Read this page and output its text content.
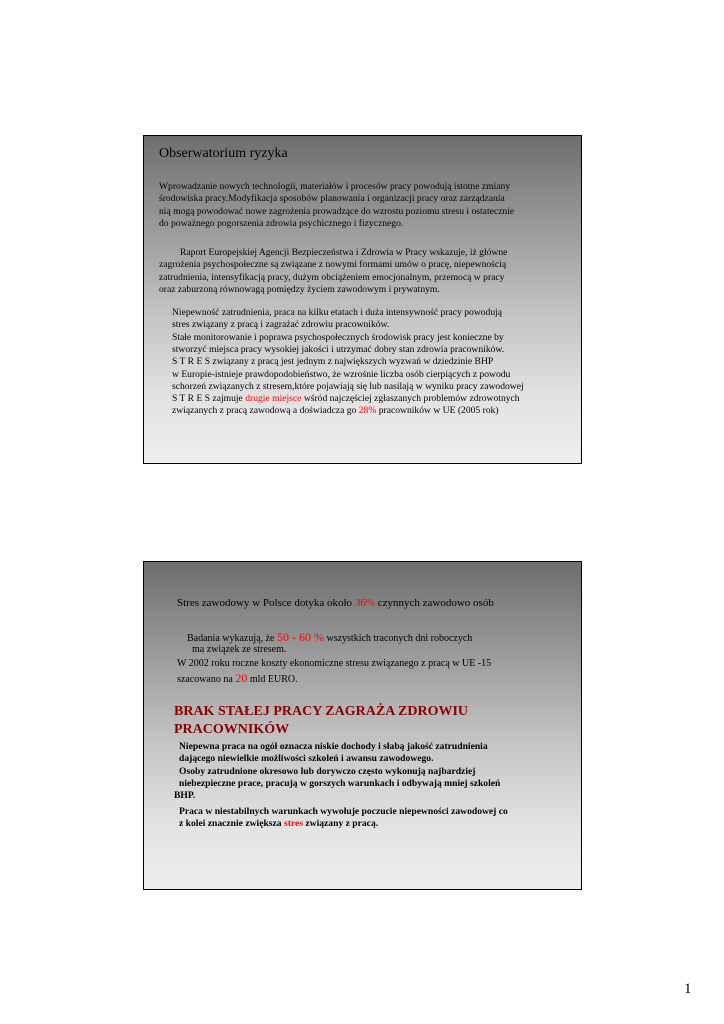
Obserwatorium ryzyka

Wprowadzanie nowych technologii, materiałów i procesów pracy powodują istotne zmiany

środowiska pracy.Modyfikacja sposobów planowania i organizacji pracy oraz zarządzania

nią mogą powodować nowe zagrożenia prowadzące do wzrostu poziomu stresu i ostatecznie

do poważnego pogorszenia zdrowia psychicznego i fizycznego.

Raport Europejskiej Agencji Bezpieczeństwa i Zdrowia w Pracy wskazuje, iż główne

zagrożenia psychospołeczne są związane z nowymi formami umów o pracę, niepewnością

zatrudnienia, intensyfikacją pracy, dużym obciążeniem emocjonalnym, przemocą w pracy

oraz zaburzoną równowagą pomiędzy życiem zawodowym i prywatnym.

Niepewność zatrudnienia, praca na kilku etatach i duża intensywność pracy powodują

stres związany z pracą i zagrażać zdrowiu pracowników.

Stałe monitorowanie i poprawa psychospołecznych środowisk pracy jest konieczne by

stworzyć miejsca pracy wysokiej jakości i utrzymać dobry stan zdrowia pracowników.

S T R E S związany z pracą jest jednym z największych wyzwań w dziedzinie BHP

w Europie-istnieje prawdopodobieństwo, że wzrośnie liczba osób cierpiących z powodu

schorzeń związanych z stresem,które pojawiają się lub nasilają w wyniku pracy zawodowej

S T R E S zajmuje drugie miejsce wśród najczęściej zgłaszanych problemów zdrowotnych

związanych z pracą zawodową a doświadcza go 28% pracowników w UE (2005 rok)

Stres zawodowy w Polsce dotyka około 36% czynnych zawodowo osób

Badania wykazują, że 50 - 60 % wszystkich traconych dni roboczych

ma związek ze stresem.

W 2002 roku roczne koszty ekonomiczne stresu związanego z pracą w UE -15

szacowano na 20 mld EURO.

BRAK STAŁEJ PRACY ZAGRAŻA ZDROWIU

PRACOWNIKÓW

Niepewna praca na ogół oznacza niskie dochody i słabą jakość zatrudnienia

dającego niewielkie możliwości szkoleń i awansu zawodowego.

Osoby zatrudnione okresowo lub dorywczo często wykonują najbardziej

niebezpieczne prace, pracują w gorszych warunkach i odbywają mniej szkoleń

BHP.

Praca w niestabilnych warunkach wywołuje poczucie niepewności zawodowej co

z kolei znacznie zwiększa stres związany z pracą.

1
